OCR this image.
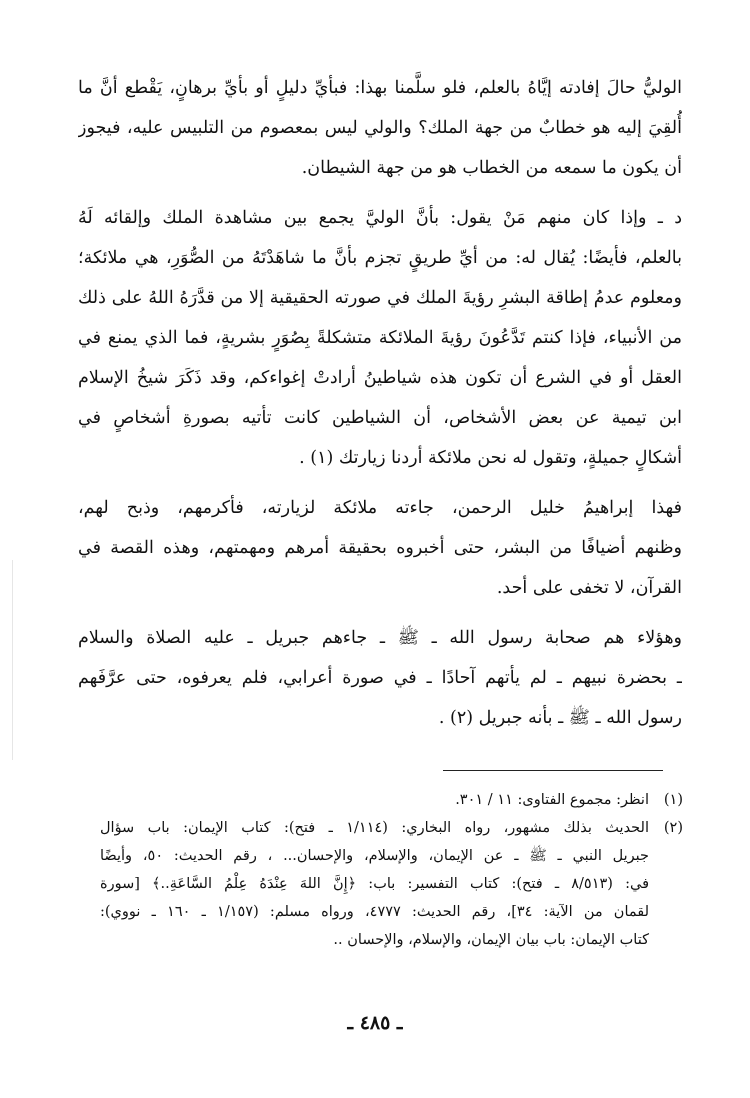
الوليُّ حالَ إفادته إيَّاهُ بالعلم، فلو سلَّمنا بهذا: فبأيِّ دليلٍ أو بأيِّ برهانٍ، يَقْطع أنَّ ما
أُلقِيَ إليه هو خطابٌ من جهة الملك؟ والولي ليس بمعصوم من التلبيس عليه، فيجوز
أن يكون ما سمعه من الخطاب هو من جهة الشيطان.

د ـ وإذا كان منهم مَنْ يقول: بأنَّ الوليَّ يجمع بين مشاهدة الملك وإلقائه لَهُ
بالعلم، فأيضًا: يُقال له: من أيِّ طريقٍ تجزم بأنَّ ما شاهَدْتَهُ من الصُّوَرِ، هي ملائكة؛
ومعلوم عدمُ إطاقة البشرِ رؤيةَ الملك في صورته الحقيقية إلا من قدَّرَهُ اللهُ على ذلك
من الأنبياء، فإذا كنتم تَدَّعُونَ رؤيةَ الملائكة متشكلةً بِصُوَرٍ بشريةٍ، فما الذي يمنع في
العقل أو في الشرع أن تكون هذه شياطينُ أرادتْ إغواءكم، وقد ذَكَرَ شيخُ الإسلام
ابن تيمية عن بعض الأشخاص، أن الشياطين كانت تأتيه بصورةِ أشخاصٍ في
أشكالٍ جميلةٍ، وتقول له نحن ملائكة أردنا زيارتك (١) .

فهذا إبراهيمُ خليل الرحمن، جاءته ملائكة لزيارته، فأكرمهم، وذبح لهم،
وظنهم أضيافًا من البشر، حتى أخبروه بحقيقة أمرهم ومهمتهم، وهذه القصة في
القرآن، لا تخفى على أحد.

وهؤلاء هم صحابة رسول الله ـ ﷺ ـ جاءهم جبريل ـ عليه الصلاة والسلام
ـ بحضرة نبيهم ـ لم يأتهم آحادًا ـ في صورة أعرابي، فلم يعرفوه، حتى عرَّفَهم
رسول الله ـ ﷺ ـ بأنه جبريل (٢) .

(١)انظر: مجموع الفتاوى: ١١ / ٣٠١.

(٢)الحديث بذلك مشهور، رواه البخاري: (١/١١٤ ـ فتح): كتاب الإيمان: باب سؤال
جبريل النبي ـ ﷺ ـ عن الإيمان، والإسلام، والإحسان... ، رقم الحديث: ٥٠، وأيضًا
في: (٨/٥١٣ ـ فتح): كتاب التفسير: باب: ﴿إِنَّ اللهَ عِنْدَهُ عِلْمُ السَّاعَةِ..﴾ [سورة
لقمان من الآية: ٣٤]، رقم الحديث: ٤٧٧٧، ورواه مسلم: (١/١٥٧ ـ ١٦٠ ـ نووي):
كتاب الإيمان: باب بيان الإيمان، والإسلام، والإحسان ..

ـ ٤٨٥ ـ
